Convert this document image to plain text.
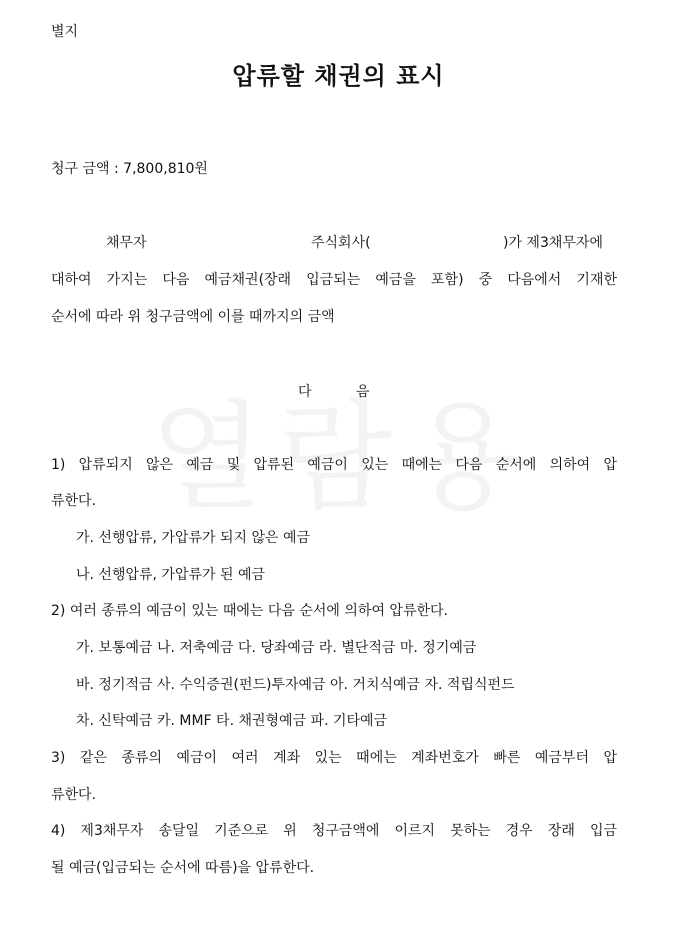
별지
압류할 채권의 표시
청구 금액 : 7,800,810원
채무자	주식회사(	)가 제3채무자에
대하여 가지는 다음 예금채권(장래 입금되는 예금을 포함) 중 다음에서 기재한
순서에 따라 위 청구금액에 이를 때까지의 금액
다	음
1) 압류되지 않은 예금 및 압류된 예금이 있는 때에는 다음 순서에 의하여 압
류한다.
가. 선행압류, 가압류가 되지 않은 예금
나. 선행압류, 가압류가 된 예금
2) 여러 종류의 예금이 있는 때에는 다음 순서에 의하여 압류한다.
가. 보통예금 나. 저축예금 다. 당좌예금 라. 별단적금 마. 정기예금
바. 정기적금 사. 수익증권(펀드)투자예금 아. 거치식예금 자. 적립식펀드
차. 신탁예금 카. MMF 타. 채권형예금 파. 기타예금
3) 같은 종류의 예금이 여러 계좌 있는 때에는 계좌번호가 빠른 예금부터 압
류한다.
4) 제3채무자 송달일 기준으로 위 청구금액에 이르지 못하는 경우 장래 입금
될 예금(입금되는 순서에 따름)을 압류한다.
